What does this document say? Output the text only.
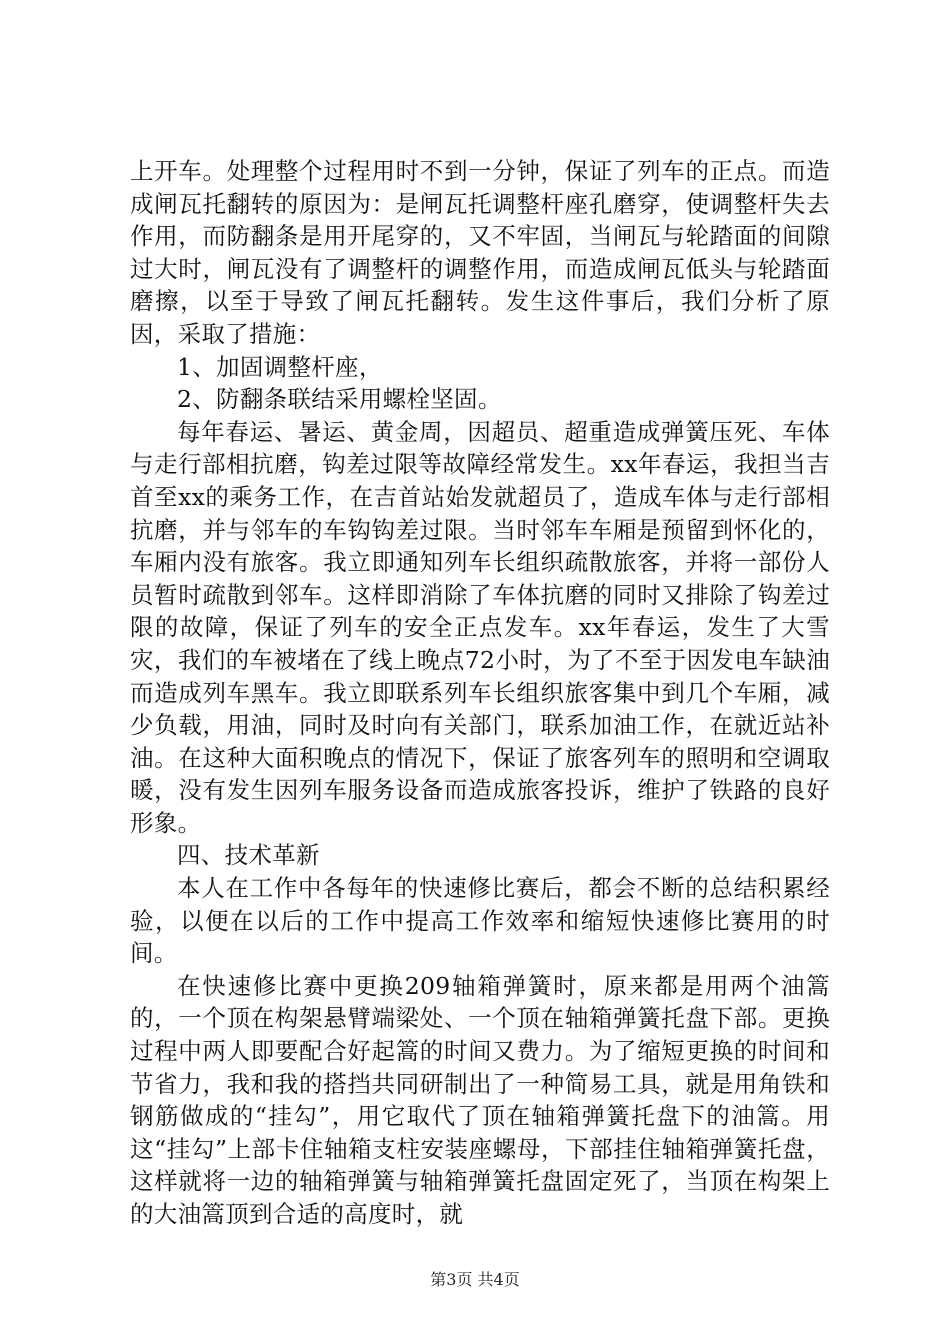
上开车。处理整个过程用时不到一分钟，保证了列车的正点。而造成闸瓦托翻转的原因为：是闸瓦托调整杆座孔磨穿，使调整杆失去作用，而防翻条是用开尾穿的，又不牢固，当闸瓦与轮踏面的间隙过大时，闸瓦没有了调整杆的调整作用，而造成闸瓦低头与轮踏面磨擦，以至于导致了闸瓦托翻转。发生这件事后，我们分析了原因，采取了措施：

1、加固调整杆座，

2、防翻条联结采用螺栓坚固。

每年春运、暑运、黄金周，因超员、超重造成弹簧压死、车体与走行部相抗磨，钩差过限等故障经常发生。xx年春运，我担当吉首至xx的乘务工作，在吉首站始发就超员了，造成车体与走行部相抗磨，并与邻车的车钩钩差过限。当时邻车车厢是预留到怀化的，车厢内没有旅客。我立即通知列车长组织疏散旅客，并将一部份人员暂时疏散到邻车。这样即消除了车体抗磨的同时又排除了钩差过限的故障，保证了列车的安全正点发车。xx年春运，发生了大雪灾，我们的车被堵在了线上晚点72小时，为了不至于因发电车缺油而造成列车黑车。我立即联系列车长组织旅客集中到几个车厢，减少负载，用油，同时及时向有关部门，联系加油工作，在就近站补油。在这种大面积晚点的情况下，保证了旅客列车的照明和空调取暖，没有发生因列车服务设备而造成旅客投诉，维护了铁路的良好形象。

四、技术革新

本人在工作中各每年的快速修比赛后，都会不断的总结积累经验，以便在以后的工作中提高工作效率和缩短快速修比赛用的时间。

在快速修比赛中更换209轴箱弹簧时，原来都是用两个油篙的，一个顶在构架悬臂端梁处、一个顶在轴箱弹簧托盘下部。更换过程中两人即要配合好起篙的时间又费力。为了缩短更换的时间和节省力，我和我的搭挡共同研制出了一种简易工具，就是用角铁和钢筋做成的“挂勾”，用它取代了顶在轴箱弹簧托盘下的油篙。用这“挂勾”上部卡住轴箱支柱安装座螺母，下部挂住轴箱弹簧托盘，这样就将一边的轴箱弹簧与轴箱弹簧托盘固定死了，当顶在构架上的大油篙顶到合适的高度时，就

第3页 共4页
